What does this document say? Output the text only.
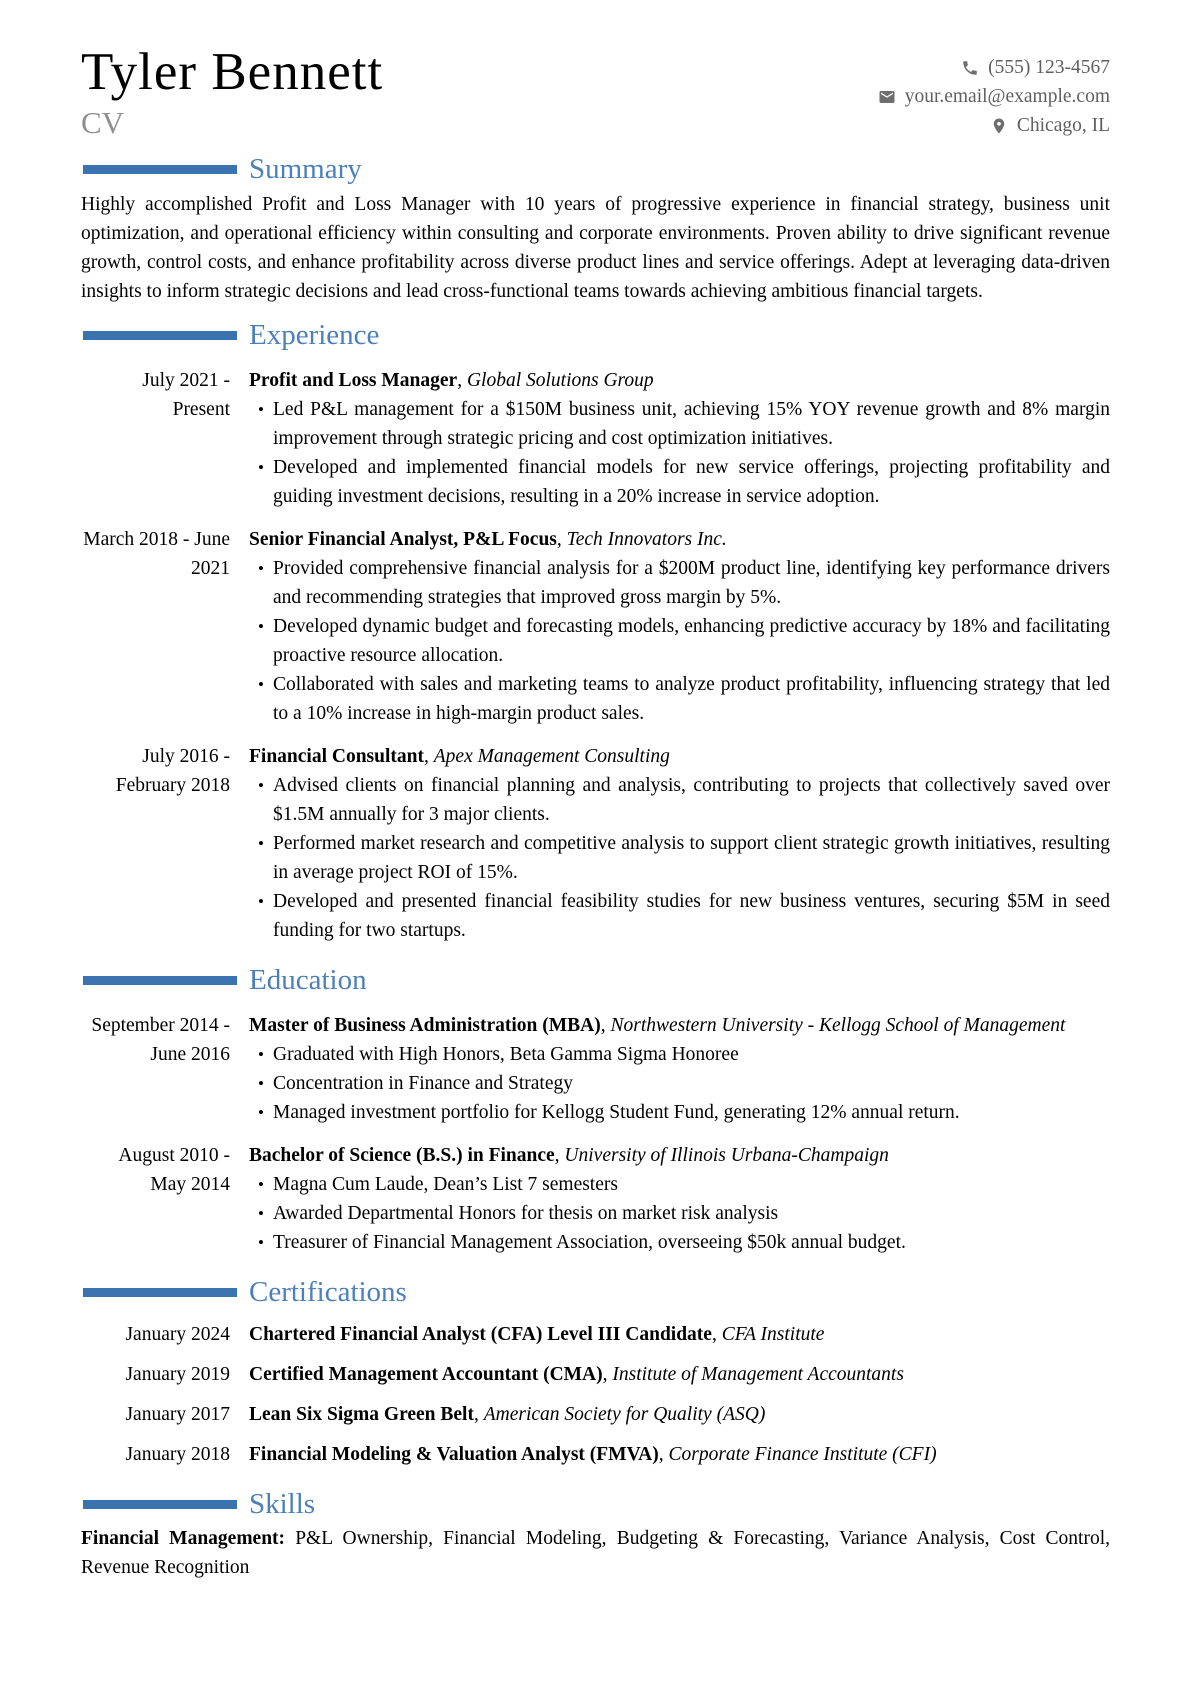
Tyler Bennett
CV
(555) 123-4567
your.email@example.com
Chicago, IL
Summary

Highly accomplished Profit and Loss Manager with 10 years of progressive experience in financial strategy, business unit optimization, and operational efficiency within consulting and corporate environments. Proven ability to drive significant revenue growth, control costs, and enhance profitability across diverse product lines and service offerings. Adept at leveraging data-driven insights to inform strategic decisions and lead cross-functional teams towards achieving ambitious financial targets.

Experience
July 2021 - Present
Profit and Loss Manager , Global Solutions Group
• Led P&L management for a $150M business unit, achieving 15% YOY revenue growth and 8% margin improvement through strategic pricing and cost optimization initiatives.
• Developed and implemented financial models for new service offerings, projecting profitability and guiding investment decisions, resulting in a 20% increase in service adoption.
March 2018 - June 2021
Senior Financial Analyst, P&L Focus , Tech Innovators Inc.
• Provided comprehensive financial analysis for a $200M product line, identifying key performance drivers and recommending strategies that improved gross margin by 5%.
• Developed dynamic budget and forecasting models, enhancing predictive accuracy by 18% and facilitating proactive resource allocation.
• Collaborated with sales and marketing teams to analyze product profitability, influencing strategy that led to a 10% increase in high-margin product sales.
July 2016 - February 2018
Financial Consultant , Apex Management Consulting
• Advised clients on financial planning and analysis, contributing to projects that collectively saved over $1.5M annually for 3 major clients.
• Performed market research and competitive analysis to support client strategic growth initiatives, resulting in average project ROI of 15%.
• Developed and presented financial feasibility studies for new business ventures, securing $5M in seed funding for two startups.
Education
September 2014 - June 2016
Master of Business Administration (MBA) , Northwestern University - Kellogg School of Management
• Graduated with High Honors, Beta Gamma Sigma Honoree
• Concentration in Finance and Strategy
• Managed investment portfolio for Kellogg Student Fund, generating 12% annual return.
August 2010 - May 2014
Bachelor of Science (B.S.) in Finance , University of Illinois Urbana-Champaign
• Magna Cum Laude, Dean’s List 7 semesters
• Awarded Departmental Honors for thesis on market risk analysis
• Treasurer of Financial Management Association, overseeing $50k annual budget.
Certifications
January 2024 Chartered Financial Analyst (CFA) Level III Candidate , CFA Institute
January 2019 Certified Management Accountant (CMA) , Institute of Management Accountants
January 2017 Lean Six Sigma Green Belt , American Society for Quality (ASQ)
January 2018 Financial Modeling & Valuation Analyst (FMVA) , Corporate Finance Institute (CFI)
Skills

Financial Management: P&L Ownership, Financial Modeling, Budgeting & Forecasting, Variance Analysis, Cost Control, Revenue Recognition
